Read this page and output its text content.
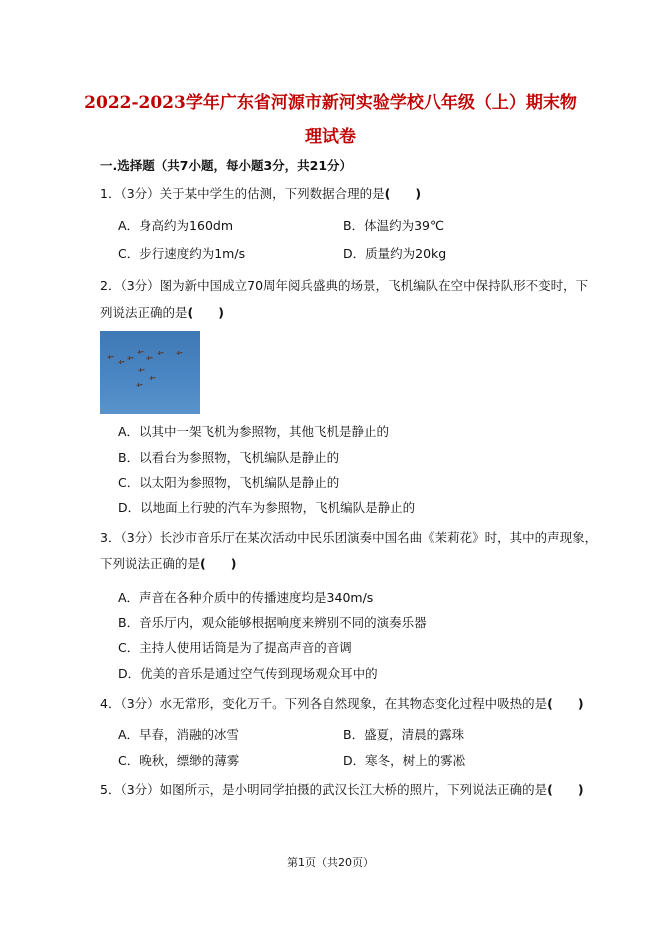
2022-2023学年广东省河源市新河实验学校八年级（上）期末物
理试卷
一.选择题（共7小题，每小题3分，共21分）
1．（3分）关于某中学生的估测，下列数据合理的是(　　)
A．身高约为160dm	B．体温约为39℃
C．步行速度约为1m/s	D．质量约为20kg
2．（3分）图为新中国成立70周年阅兵盛典的场景，飞机编队在空中保持队形不变时，下
列说法正确的是(　　)
A．以其中一架飞机为参照物，其他飞机是静止的
B．以看台为参照物，飞机编队是静止的
C．以太阳为参照物，飞机编队是静止的
D．以地面上行驶的汽车为参照物，飞机编队是静止的
3．（3分）长沙市音乐厅在某次活动中民乐团演奏中国名曲《茉莉花》时，其中的声现象，
下列说法正确的是(　　)
A．声音在各种介质中的传播速度均是340m/s
B．音乐厅内，观众能够根据响度来辨别不同的演奏乐器
C．主持人使用话筒是为了提高声音的音调
D．优美的音乐是通过空气传到现场观众耳中的
4．（3分）水无常形，变化万千。下列各自然现象，在其物态变化过程中吸热的是(　　)
A．早春，消融的冰雪	B．盛夏，清晨的露珠
C．晚秋，缥缈的薄雾	D．寒冬，树上的雾凇
5．（3分）如图所示，是小明同学拍摄的武汉长江大桥的照片，下列说法正确的是(　　)
第1页（共20页）
